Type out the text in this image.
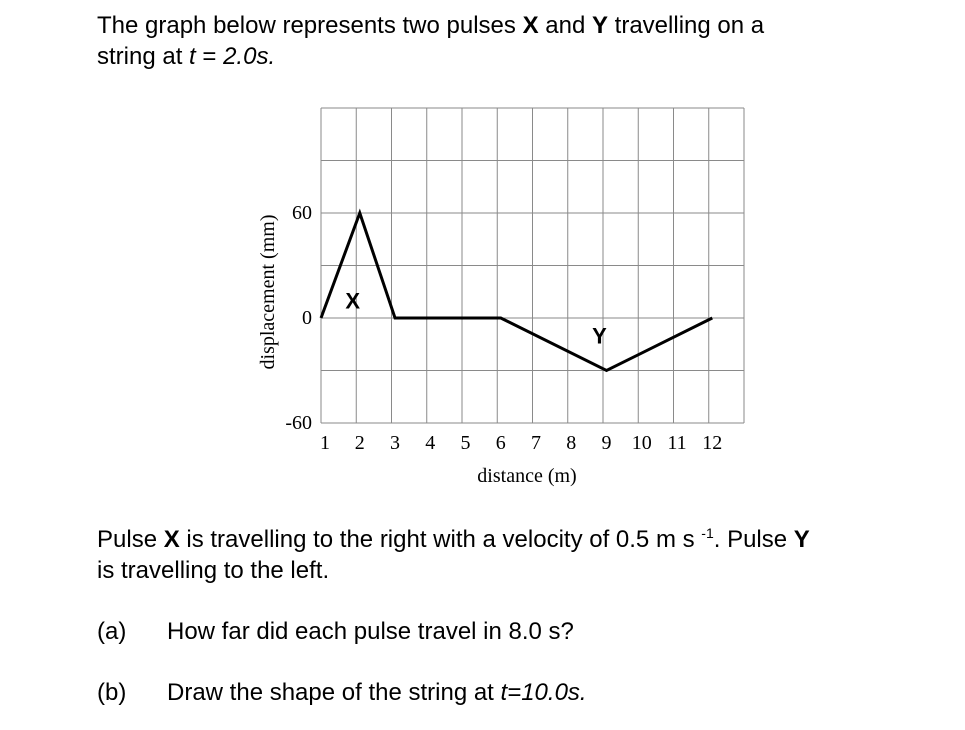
The graph below represents two pulses X and Y travelling on a
string at t = 2.0s.
60
0
-60
1 2 3 4 5 6 7 8 9 10 11 12
X
Y
distance (m)
displacement (mm)
Pulse X is travelling to the right with a velocity of 0.5 m s $^{-1}$. Pulse Y
is travelling to the left.
(a) How far did each pulse travel in 8.0 s?
(b) Draw the shape of the string at t=10.0s.
